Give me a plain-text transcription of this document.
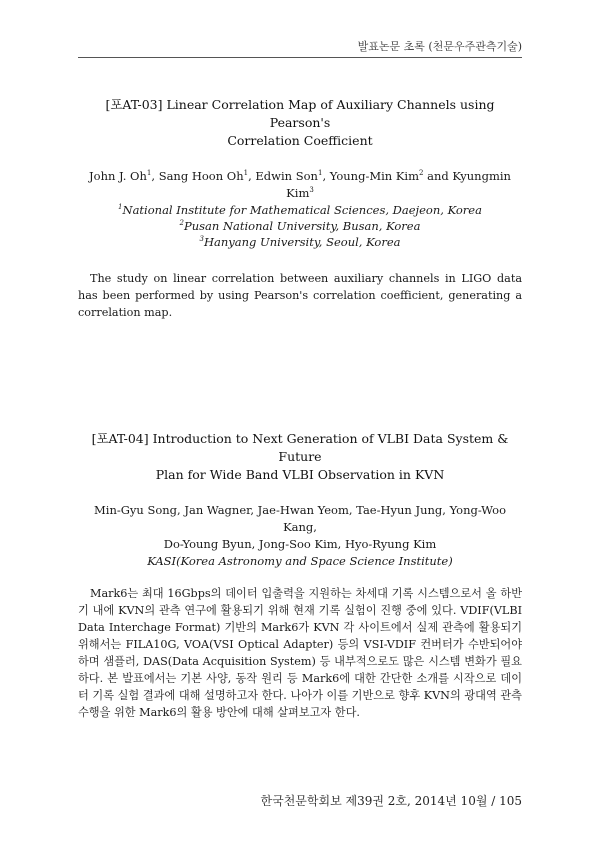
발표논문 초록 (천문우주관측기술)
[포AT-03] Linear Correlation Map of Auxiliary Channels using Pearson's
Correlation Coefficient
John J. Oh$^1$, Sang Hoon Oh$^1$, Edwin Son$^1$, Young-Min Kim$^2$ and Kyungmin Kim$^3$
$^1$National Institute for Mathematical Sciences, Daejeon, Korea
$^2$Pusan National University, Busan, Korea
$^3$Hanyang University, Seoul, Korea

The study on linear correlation between auxiliary channels in LIGO data has been performed by using Pearson's correlation coefficient, generating a correlation map.

[포AT-04] Introduction to Next Generation of VLBI Data System & Future
Plan for Wide Band VLBI Observation in KVN
Min-Gyu Song, Jan Wagner, Jae-Hwan Yeom, Tae-Hyun Jung, Yong-Woo Kang,
Do-Young Byun, Jong-Soo Kim, Hyo-Ryung Kim
KASI(Korea Astronomy and Space Science Institute)

Mark6는 최대 16Gbps의 데이터 입출력을 지원하는 차세대 기록 시스템으로서 올 하반기 내에 KVN의 관측 연구에 활용되기 위해 현재 기록 실험이 진행 중에 있다. VDIF(VLBI Data Interchage Format) 기반의 Mark6가 KVN 각 사이트에서 실제 관측에 활용되기 위해서는 FILA10G, VOA(VSI Optical Adapter) 등의 VSI-VDIF 컨버터가 수반되어야 하며 샘플러, DAS(Data Acquisition System) 등 내부적으로도 많은 시스템 변화가 필요하다. 본 발표에서는 기본 사양, 동작 원리 등 Mark6에 대한 간단한 소개를 시작으로 데이터 기록 실험 결과에 대해 설명하고자 한다. 나아가 이를 기반으로 향후 KVN의 광대역 관측 수행을 위한 Mark6의 활용 방안에 대해 살펴보고자 한다.

한국천문학회보 제39권 2호, 2014년 10월 / 105
